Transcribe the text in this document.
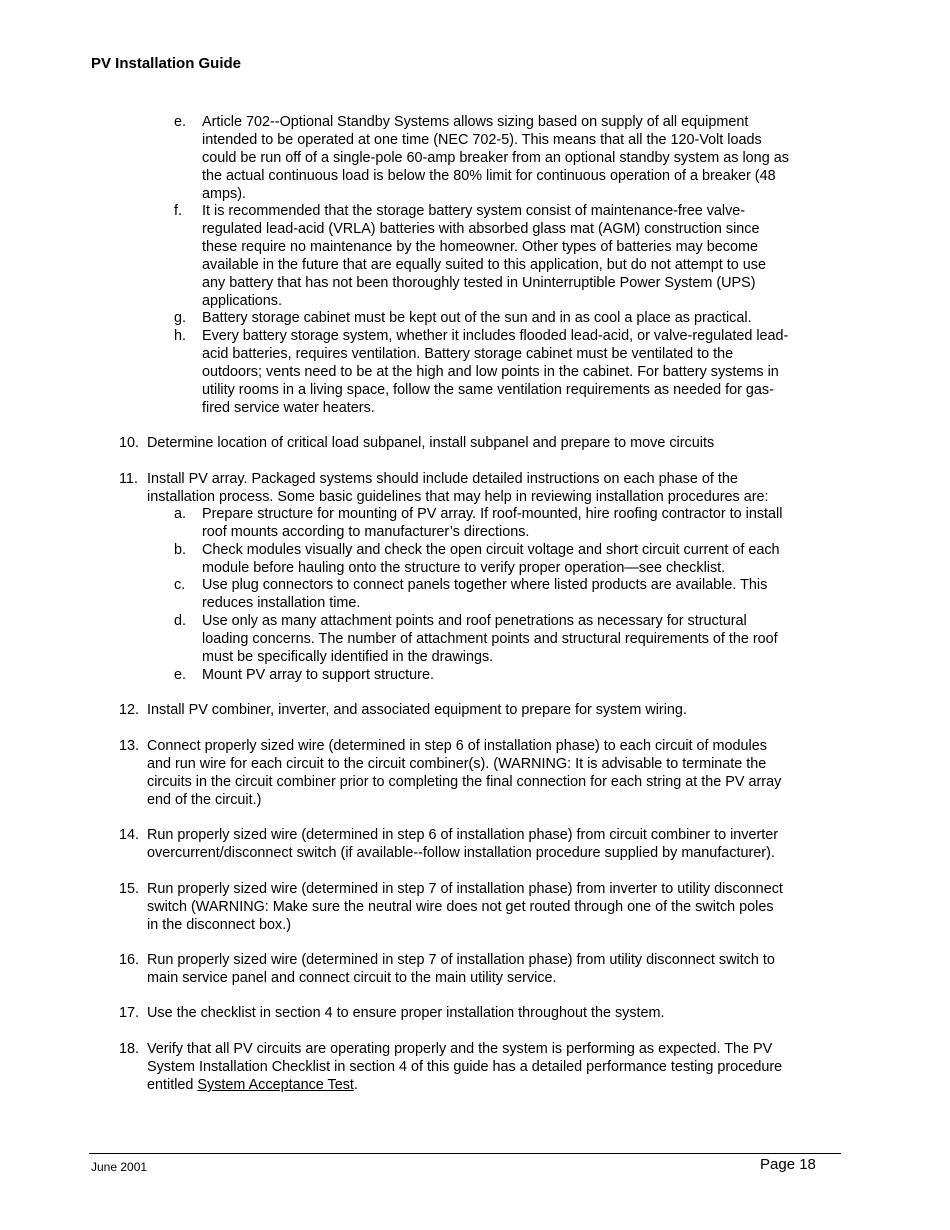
PV Installation Guide
e. Article 702--Optional Standby Systems allows sizing based on supply of all equipment
intended to be operated at one time (NEC 702-5). This means that all the 120-Volt loads
could be run off of a single-pole 60-amp breaker from an optional standby system as long as
the actual continuous load is below the 80% limit for continuous operation of a breaker (48
amps).
f. It is recommended that the storage battery system consist of maintenance-free valve-
regulated lead-acid (VRLA) batteries with absorbed glass mat (AGM) construction since
these require no maintenance by the homeowner. Other types of batteries may become
available in the future that are equally suited to this application, but do not attempt to use
any battery that has not been thoroughly tested in Uninterruptible Power System (UPS)
applications.
g. Battery storage cabinet must be kept out of the sun and in as cool a place as practical.
h. Every battery storage system, whether it includes flooded lead-acid, or valve-regulated lead-
acid batteries, requires ventilation. Battery storage cabinet must be ventilated to the
outdoors; vents need to be at the high and low points in the cabinet. For battery systems in
utility rooms in a living space, follow the same ventilation requirements as needed for gas-
fired service water heaters.
10. Determine location of critical load subpanel, install subpanel and prepare to move circuits
11. Install PV array. Packaged systems should include detailed instructions on each phase of the
installation process. Some basic guidelines that may help in reviewing installation procedures are:
a. Prepare structure for mounting of PV array. If roof-mounted, hire roofing contractor to install
roof mounts according to manufacturer’s directions.
b. Check modules visually and check the open circuit voltage and short circuit current of each
module before hauling onto the structure to verify proper operation—see checklist.
c. Use plug connectors to connect panels together where listed products are available. This
reduces installation time.
d. Use only as many attachment points and roof penetrations as necessary for structural
loading concerns. The number of attachment points and structural requirements of the roof
must be specifically identified in the drawings.
e. Mount PV array to support structure.
12. Install PV combiner, inverter, and associated equipment to prepare for system wiring.
13. Connect properly sized wire (determined in step 6 of installation phase) to each circuit of modules
and run wire for each circuit to the circuit combiner(s). (WARNING: It is advisable to terminate the
circuits in the circuit combiner prior to completing the final connection for each string at the PV array
end of the circuit.)
14. Run properly sized wire (determined in step 6 of installation phase) from circuit combiner to inverter
overcurrent/disconnect switch (if available--follow installation procedure supplied by manufacturer).
15. Run properly sized wire (determined in step 7 of installation phase) from inverter to utility disconnect
switch (WARNING: Make sure the neutral wire does not get routed through one of the switch poles
in the disconnect box.)
16. Run properly sized wire (determined in step 7 of installation phase) from utility disconnect switch to
main service panel and connect circuit to the main utility service.
17. Use the checklist in section 4 to ensure proper installation throughout the system.
18. Verify that all PV circuits are operating properly and the system is performing as expected. The PV
System Installation Checklist in section 4 of this guide has a detailed performance testing procedure
entitled System Acceptance Test.
June 2001	Page 18
